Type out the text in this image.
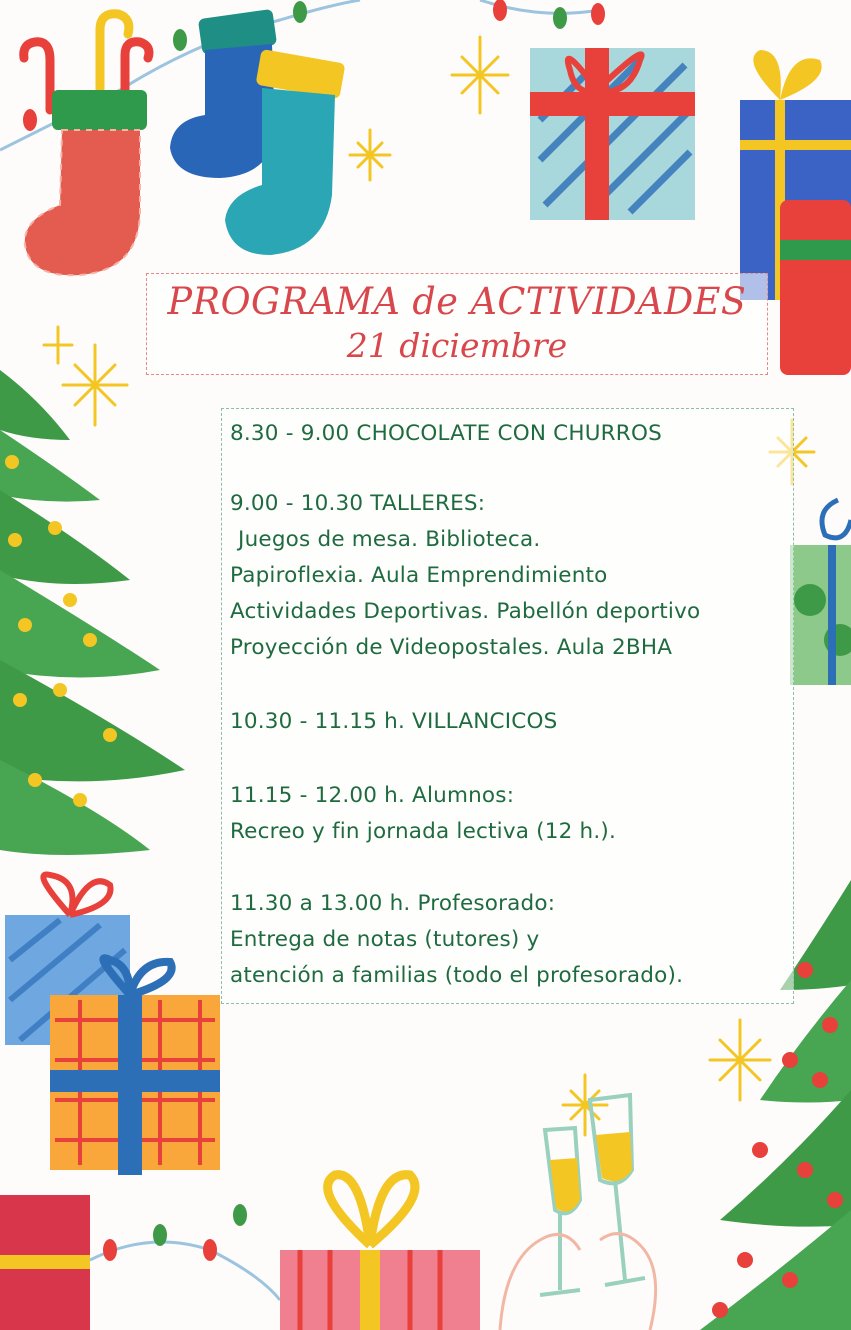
PROGRAMA de ACTIVIDADES
21 diciembre
8.30 - 9.00 CHOCOLATE CON CHURROS
9.00 - 10.30 TALLERES:
Juegos de mesa. Biblioteca.
Papiroflexia. Aula Emprendimiento
Actividades Deportivas. Pabellón deportivo
Proyección de Videopostales. Aula 2BHA
10.30 - 11.15 h. VILLANCICOS
11.15 - 12.00 h. Alumnos:
Recreo y fin jornada lectiva (12 h.).
11.30 a 13.00 h. Profesorado:
Entrega de notas (tutores) y
atención a familias (todo el profesorado).
